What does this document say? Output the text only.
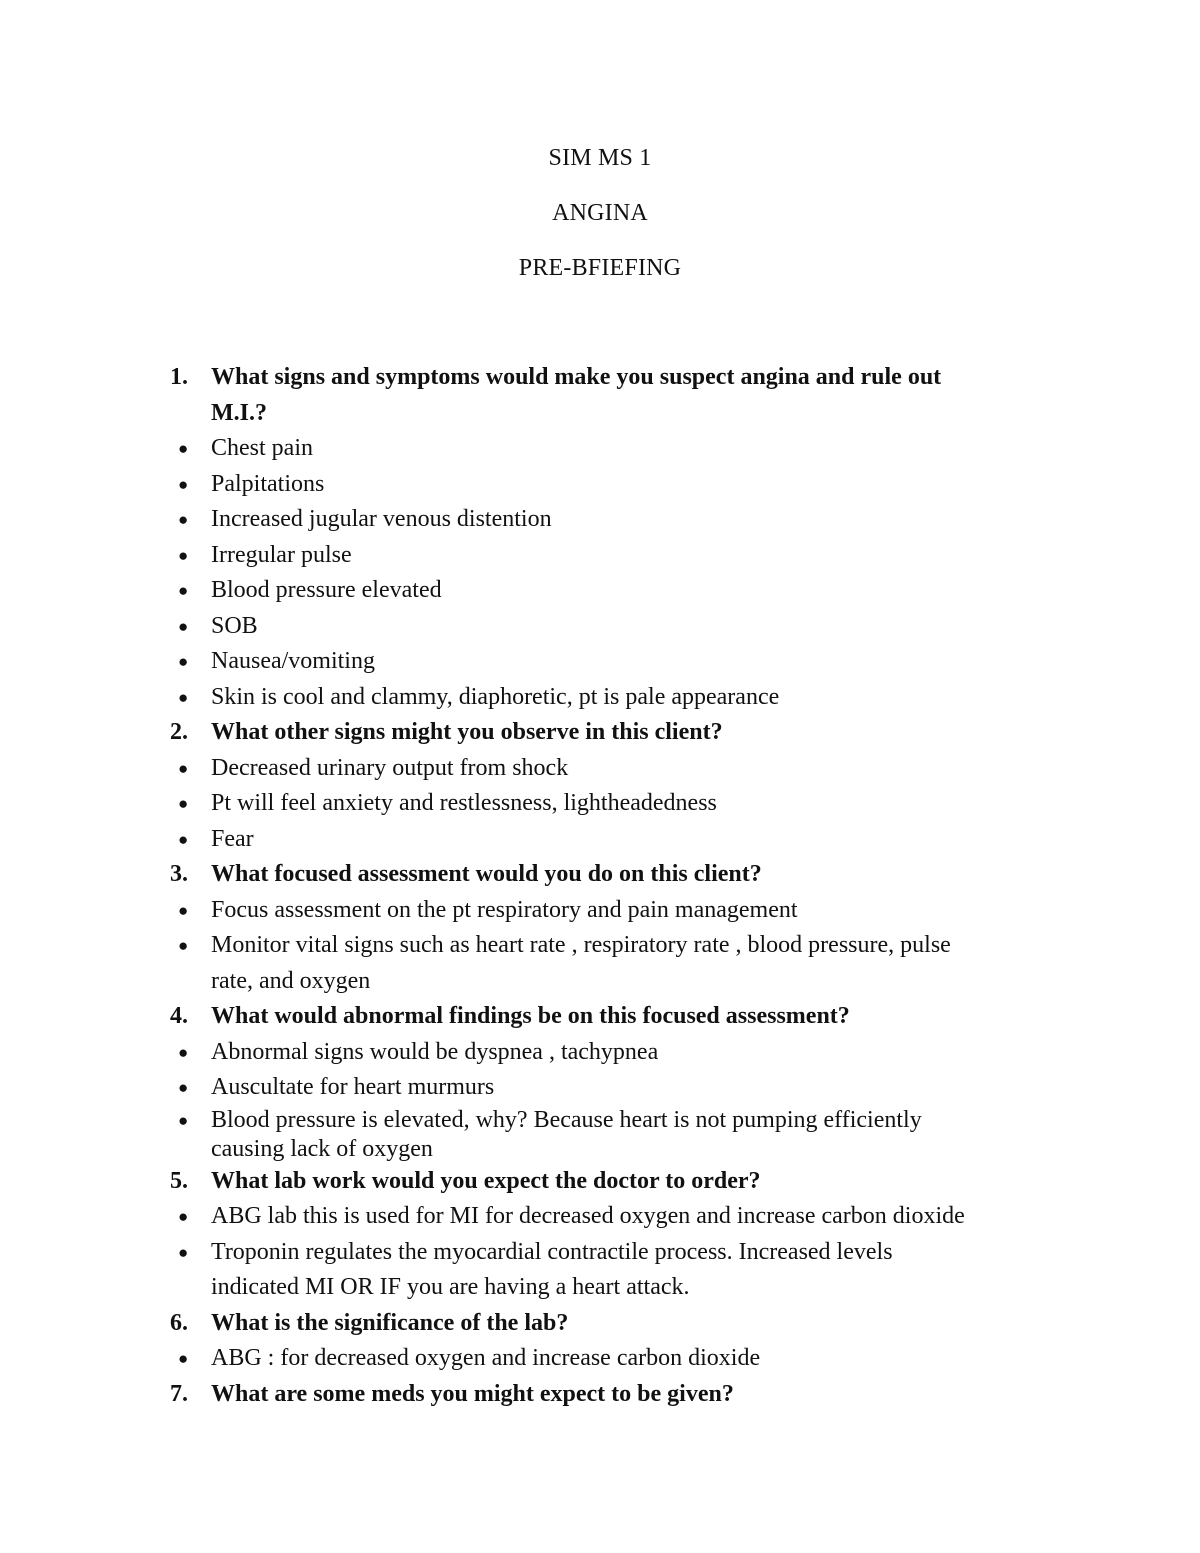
SIM MS 1
ANGINA
PRE-BFIEFING
1. What signs and symptoms would make you suspect angina and rule out
M.I.?
● Chest pain
● Palpitations
● Increased jugular venous distention
● Irregular pulse
● Blood pressure elevated
● SOB
● Nausea/vomiting
● Skin is cool and clammy, diaphoretic, pt is pale appearance
2. What other signs might you observe in this client?
● Decreased urinary output from shock
● Pt will feel anxiety and restlessness, lightheadedness
● Fear
3. What focused assessment would you do on this client?
● Focus assessment on the pt respiratory and pain management
● Monitor vital signs such as heart rate , respiratory rate , blood pressure, pulse
rate, and oxygen
4. What would abnormal findings be on this focused assessment?
● Abnormal signs would be dyspnea , tachypnea
● Auscultate for heart murmurs
● Blood pressure is elevated, why? Because heart is not pumping efficiently
causing lack of oxygen
5. What lab work would you expect the doctor to order?
● ABG lab this is used for MI for decreased oxygen and increase carbon dioxide
● Troponin regulates the myocardial contractile process. Increased levels
indicated MI OR IF you are having a heart attack.
6. What is the significance of the lab?
● ABG : for decreased oxygen and increase carbon dioxide
7. What are some meds you might expect to be given?
